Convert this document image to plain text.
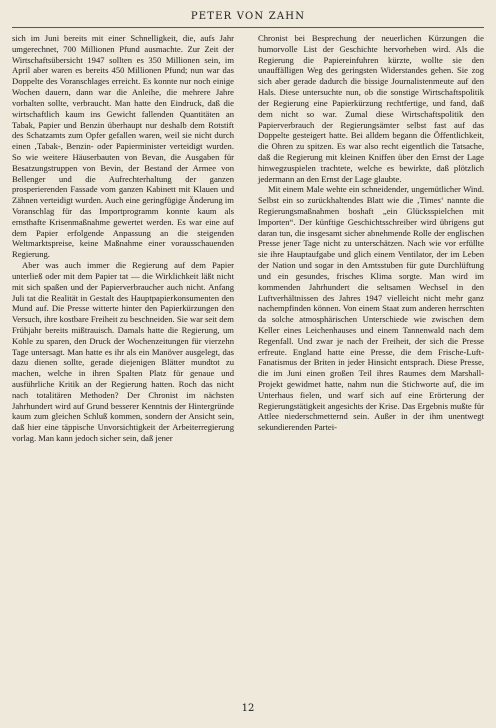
PETER VON ZAHN

sich im Juni bereits mit einer Schnelligkeit, die, aufs Jahr umgerechnet, 700 Millionen Pfund ausmachte. Zur Zeit der Wirtschaftsübersicht 1947 sollten es 350 Millionen sein, im April aber waren es bereits 450 Millionen Pfund; nun war das Doppelte des Voranschlages erreicht. Es konnte nur noch einige Wochen dauern, dann war die Anleihe, die mehrere Jahre vorhalten sollte, verbraucht. Man hatte den Eindruck, daß die wirtschaftlich kaum ins Gewicht fallenden Quantitäten an Tabak, Papier und Benzin überhaupt nur deshalb dem Rotstift des Schatzamts zum Opfer gefallen waren, weil sie nicht durch einen ‚Tabak-, Benzin- oder Papierminister verteidigt wurden. So wie weitere Häuserbauten von Bevan, die Ausgaben für Besatzungstruppen von Bevin, der Bestand der Armee von Bellenger und die Aufrechterhaltung der ganzen prosperierenden Fassade vom ganzen Kabinett mit Klauen und Zähnen verteidigt wurden. Auch eine geringfügige Änderung im Voranschlag für das Importprogramm konnte kaum als ernsthafte Krisenmaßnahme gewertet werden. Es war eine auf dem Papier erfolgende Anpassung an die steigenden Weltmarktspreise, keine Maßnahme einer vorausschauenden Regierung.

Aber was auch immer die Regierung auf dem Papier unterließ oder mit dem Papier tat — die Wirklichkeit läßt nicht mit sich spaßen und der Papierverbraucher auch nicht. Anfang Juli tat die Realität in Gestalt des Hauptpapierkonsumenten den Mund auf. Die Presse witterte hinter den Papierkürzungen den Versuch, ihre kostbare Freiheit zu beschneiden. Sie war seit dem Frühjahr bereits mißtrauisch. Damals hatte die Regierung, um Kohle zu sparen, den Druck der Wochenzeitungen für vierzehn Tage untersagt. Man hatte es ihr als ein Manöver ausgelegt, das dazu dienen sollte, gerade diejenigen Blätter mundtot zu machen, welche in ihren Spalten Platz für genaue und ausführliche Kritik an der Regierung hatten. Roch das nicht nach totalitären Methoden? Der Chronist im nächsten Jahrhundert wird auf Grund besserer Kenntnis der Hintergründe kaum zum gleichen Schluß kommen, sondern der Ansicht sein, daß hier eine täppische Unvorsichtigkeit der Arbeiterregierung vorlag. Man kann jedoch sicher sein, daß jener

Chronist bei Besprechung der neuerlichen Kürzungen die humorvolle List der Geschichte hervorheben wird. Als die Regierung die Papiereinfuhren kürzte, wollte sie den unauffälligen Weg des geringsten Widerstandes gehen. Sie zog sich aber gerade dadurch die bissige Journalistenmeute auf den Hals. Diese untersuchte nun, ob die sonstige Wirtschaftspolitik der Regierung eine Papierkürzung rechtfertige, und fand, daß dem nicht so war. Zumal diese Wirtschaftspolitik den Papierverbrauch der Regierungsämter selbst fast auf das Doppelte gesteigert hatte. Bei alldem begann die Öffentlichkeit, die Ohren zu spitzen. Es war also recht eigentlich die Tatsache, daß die Regierung mit kleinen Kniffen über den Ernst der Lage hinwegzuspielen trachtete, welche es bewirkte, daß plötzlich jedermann an den Ernst der Lage glaubte.

Mit einem Male wehte ein schneidender, ungemütlicher Wind. Selbst ein so zurückhaltendes Blatt wie die ‚Times‘ nannte die Regierungsmaßnahmen boshaft „ein Glücksspielchen mit Importen“. Der künftige Geschichtsschreiber wird übrigens gut daran tun, die insgesamt sicher abnehmende Rolle der englischen Presse jener Tage nicht zu unterschätzen. Nach wie vor erfüllte sie ihre Hauptaufgabe und glich einem Ventilator, der im Leben der Nation und sogar in den Amtsstuben für gute Durchlüftung und ein gesundes, frisches Klima sorgte. Man wird im kommenden Jahrhundert die seltsamen Wechsel in den Luftverhältnissen des Jahres 1947 vielleicht nicht mehr ganz nachempfinden können. Von einem Staat zum anderen herrschten da solche atmosphärischen Unterschiede wie zwischen dem Keller eines Leichenhauses und einem Tannenwald nach dem Regenfall. Und zwar je nach der Freiheit, der sich die Presse erfreute. England hatte eine Presse, die dem Frische-Luft-Fanatismus der Briten in jeder Hinsicht entsprach. Diese Presse, die im Juni einen großen Teil ihres Raumes dem Marshall-Projekt gewidmet hatte, nahm nun die Stichworte auf, die im Unterhaus fielen, und warf sich auf eine Erörterung der Regierungstätigkeit angesichts der Krise. Das Ergebnis mußte für Attlee niederschmetternd sein. Außer in der ihm unentwegt sekundierenden Partei-

12
